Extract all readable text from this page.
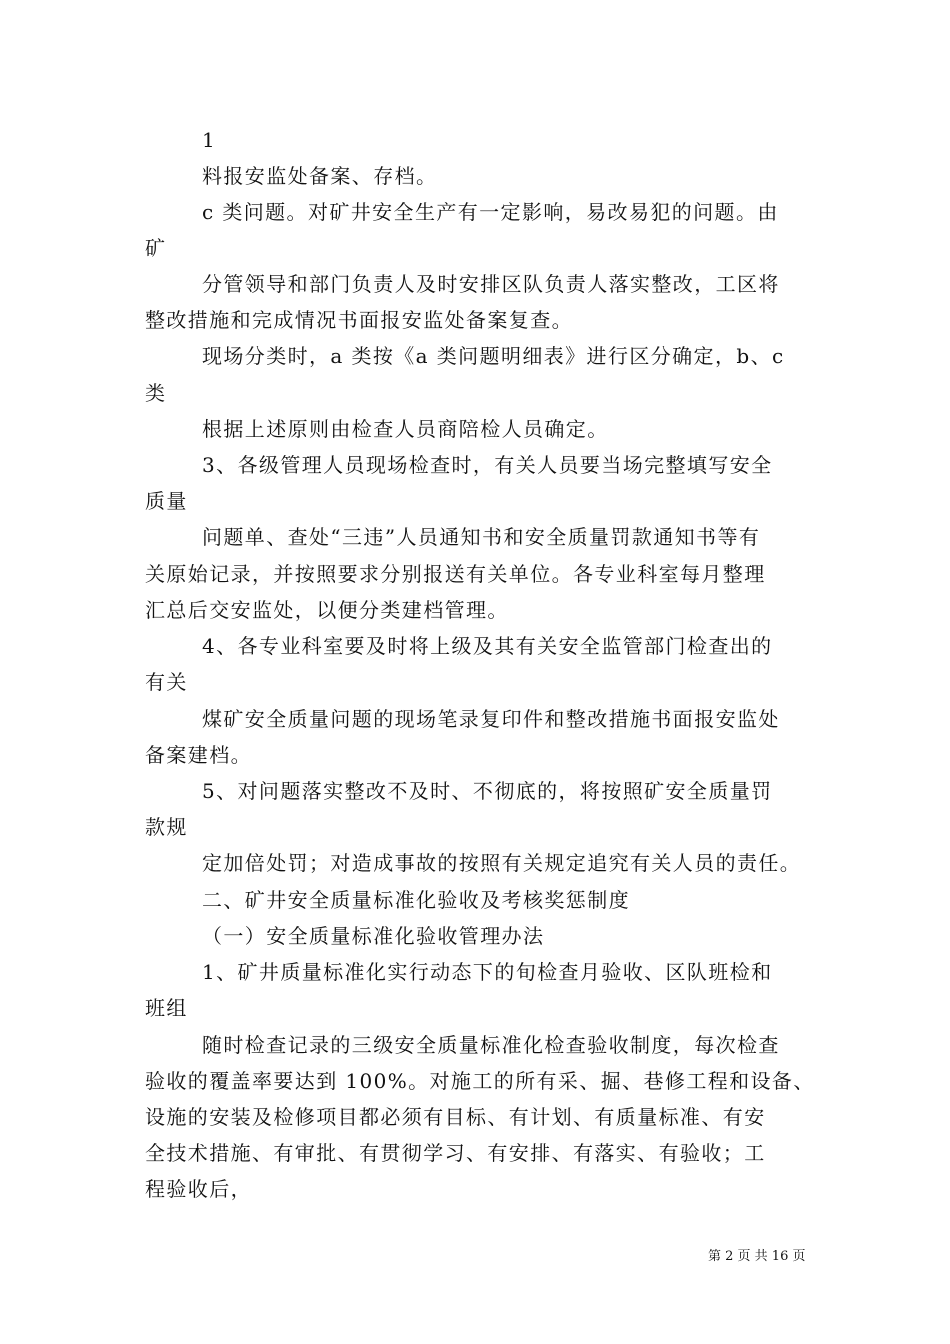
1
料报安监处备案、存档。
c 类问题。对矿井安全生产有一定影响，易改易犯的问题。由
矿
分管领导和部门负责人及时安排区队负责人落实整改，工区将
整改措施和完成情况书面报安监处备案复查。
现场分类时，a 类按《a 类问题明细表》进行区分确定，b、c
类
根据上述原则由检查人员商陪检人员确定。
3、各级管理人员现场检查时，有关人员要当场完整填写安全
质量
问题单、查处“三违”人员通知书和安全质量罚款通知书等有
关原始记录，并按照要求分别报送有关单位。各专业科室每月整理
汇总后交安监处，以便分类建档管理。
4、各专业科室要及时将上级及其有关安全监管部门检查出的
有关
煤矿安全质量问题的现场笔录复印件和整改措施书面报安监处
备案建档。
5、对问题落实整改不及时、不彻底的，将按照矿安全质量罚
款规
定加倍处罚；对造成事故的按照有关规定追究有关人员的责任。
二、矿井安全质量标准化验收及考核奖惩制度
（一）安全质量标准化验收管理办法
1、矿井质量标准化实行动态下的旬检查月验收、区队班检和
班组
随时检查记录的三级安全质量标准化检查验收制度，每次检查
验收的覆盖率要达到 100%。对施工的所有采、掘、巷修工程和设备、
设施的安装及检修项目都必须有目标、有计划、有质量标准、有安
全技术措施、有审批、有贯彻学习、有安排、有落实、有验收；工
程验收后，
第 2 页 共 16 页
